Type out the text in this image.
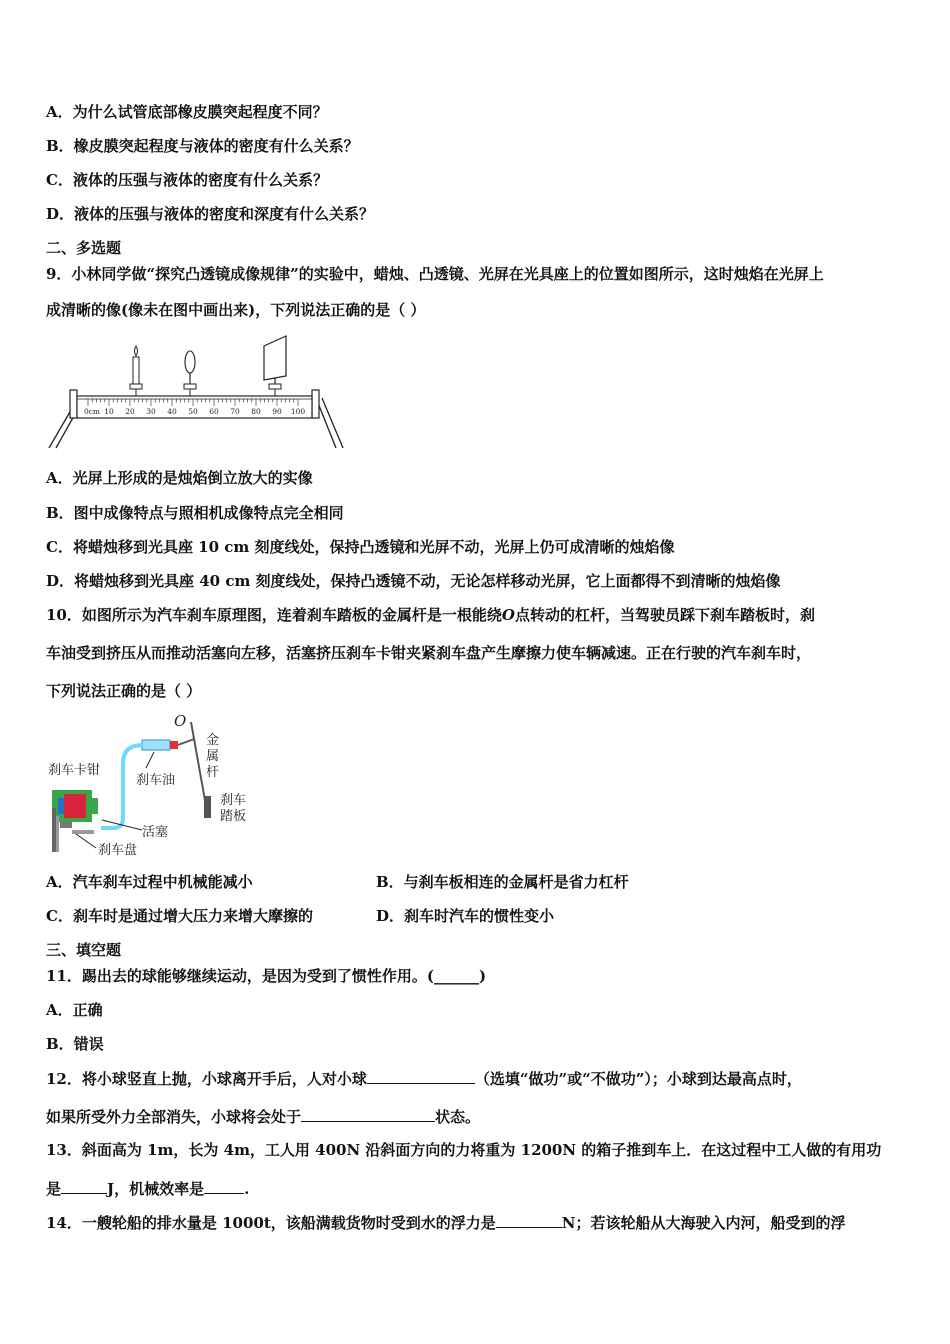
A．为什么试管底部橡皮膜突起程度不同？
B．橡皮膜突起程度与液体的密度有什么关系？
C．液体的压强与液体的密度有什么关系？
D．液体的压强与液体的密度和深度有什么关系？
二、多选题
9．小林同学做“探究凸透镜成像规律”的实验中，蜡烛、凸透镜、光屏在光具座上的位置如图所示，这时烛焰在光屏上
成清晰的像(像未在图中画出来)，下列说法正确的是（ ）
0cm 10 20 30 40 50 60 70 80 90 100
A．光屏上形成的是烛焰倒立放大的实像
B．图中成像特点与照相机成像特点完全相同
C．将蜡烛移到光具座 10 cm 刻度线处，保持凸透镜和光屏不动，光屏上仍可成清晰的烛焰像
D．将蜡烛移到光具座 40 cm 刻度线处，保持凸透镜不动，无论怎样移动光屏，它上面都得不到清晰的烛焰像
10．如图所示为汽车刹车原理图，连着刹车踏板的金属杆是一根能绕O点转动的杠杆，当驾驶员踩下刹车踏板时，刹
车油受到挤压从而推动活塞向左移，活塞挤压刹车卡钳夹紧刹车盘产生摩擦力使车辆减速。正在行驶的汽车刹车时，
下列说法正确的是（ ）
O
刹车卡钳
刹车油
金
属
杆
刹车
踏板
活塞
刹车盘
A．汽车刹车过程中机械能减小	B．与刹车板相连的金属杆是省力杠杆
C．刹车时是通过增大压力来增大摩擦的	D．刹车时汽车的惯性变小
三、填空题
11．踢出去的球能够继续运动，是因为受到了惯性作用。(______)
A．正确
B．错误
12．将小球竖直上抛，小球离开手后，人对小球	（选填“做功”或“不做功”）；小球到达最高点时，
如果所受外力全部消失，小球将会处于	状态。
13．斜面高为 1m，长为 4m，工人用 400N 沿斜面方向的力将重为 1200N 的箱子推到车上．在这过程中工人做的有用功
是	J，机械效率是	.
14．一艘轮船的排水量是 1000t，该船满载货物时受到水的浮力是	N；若该轮船从大海驶入内河，船受到的浮
